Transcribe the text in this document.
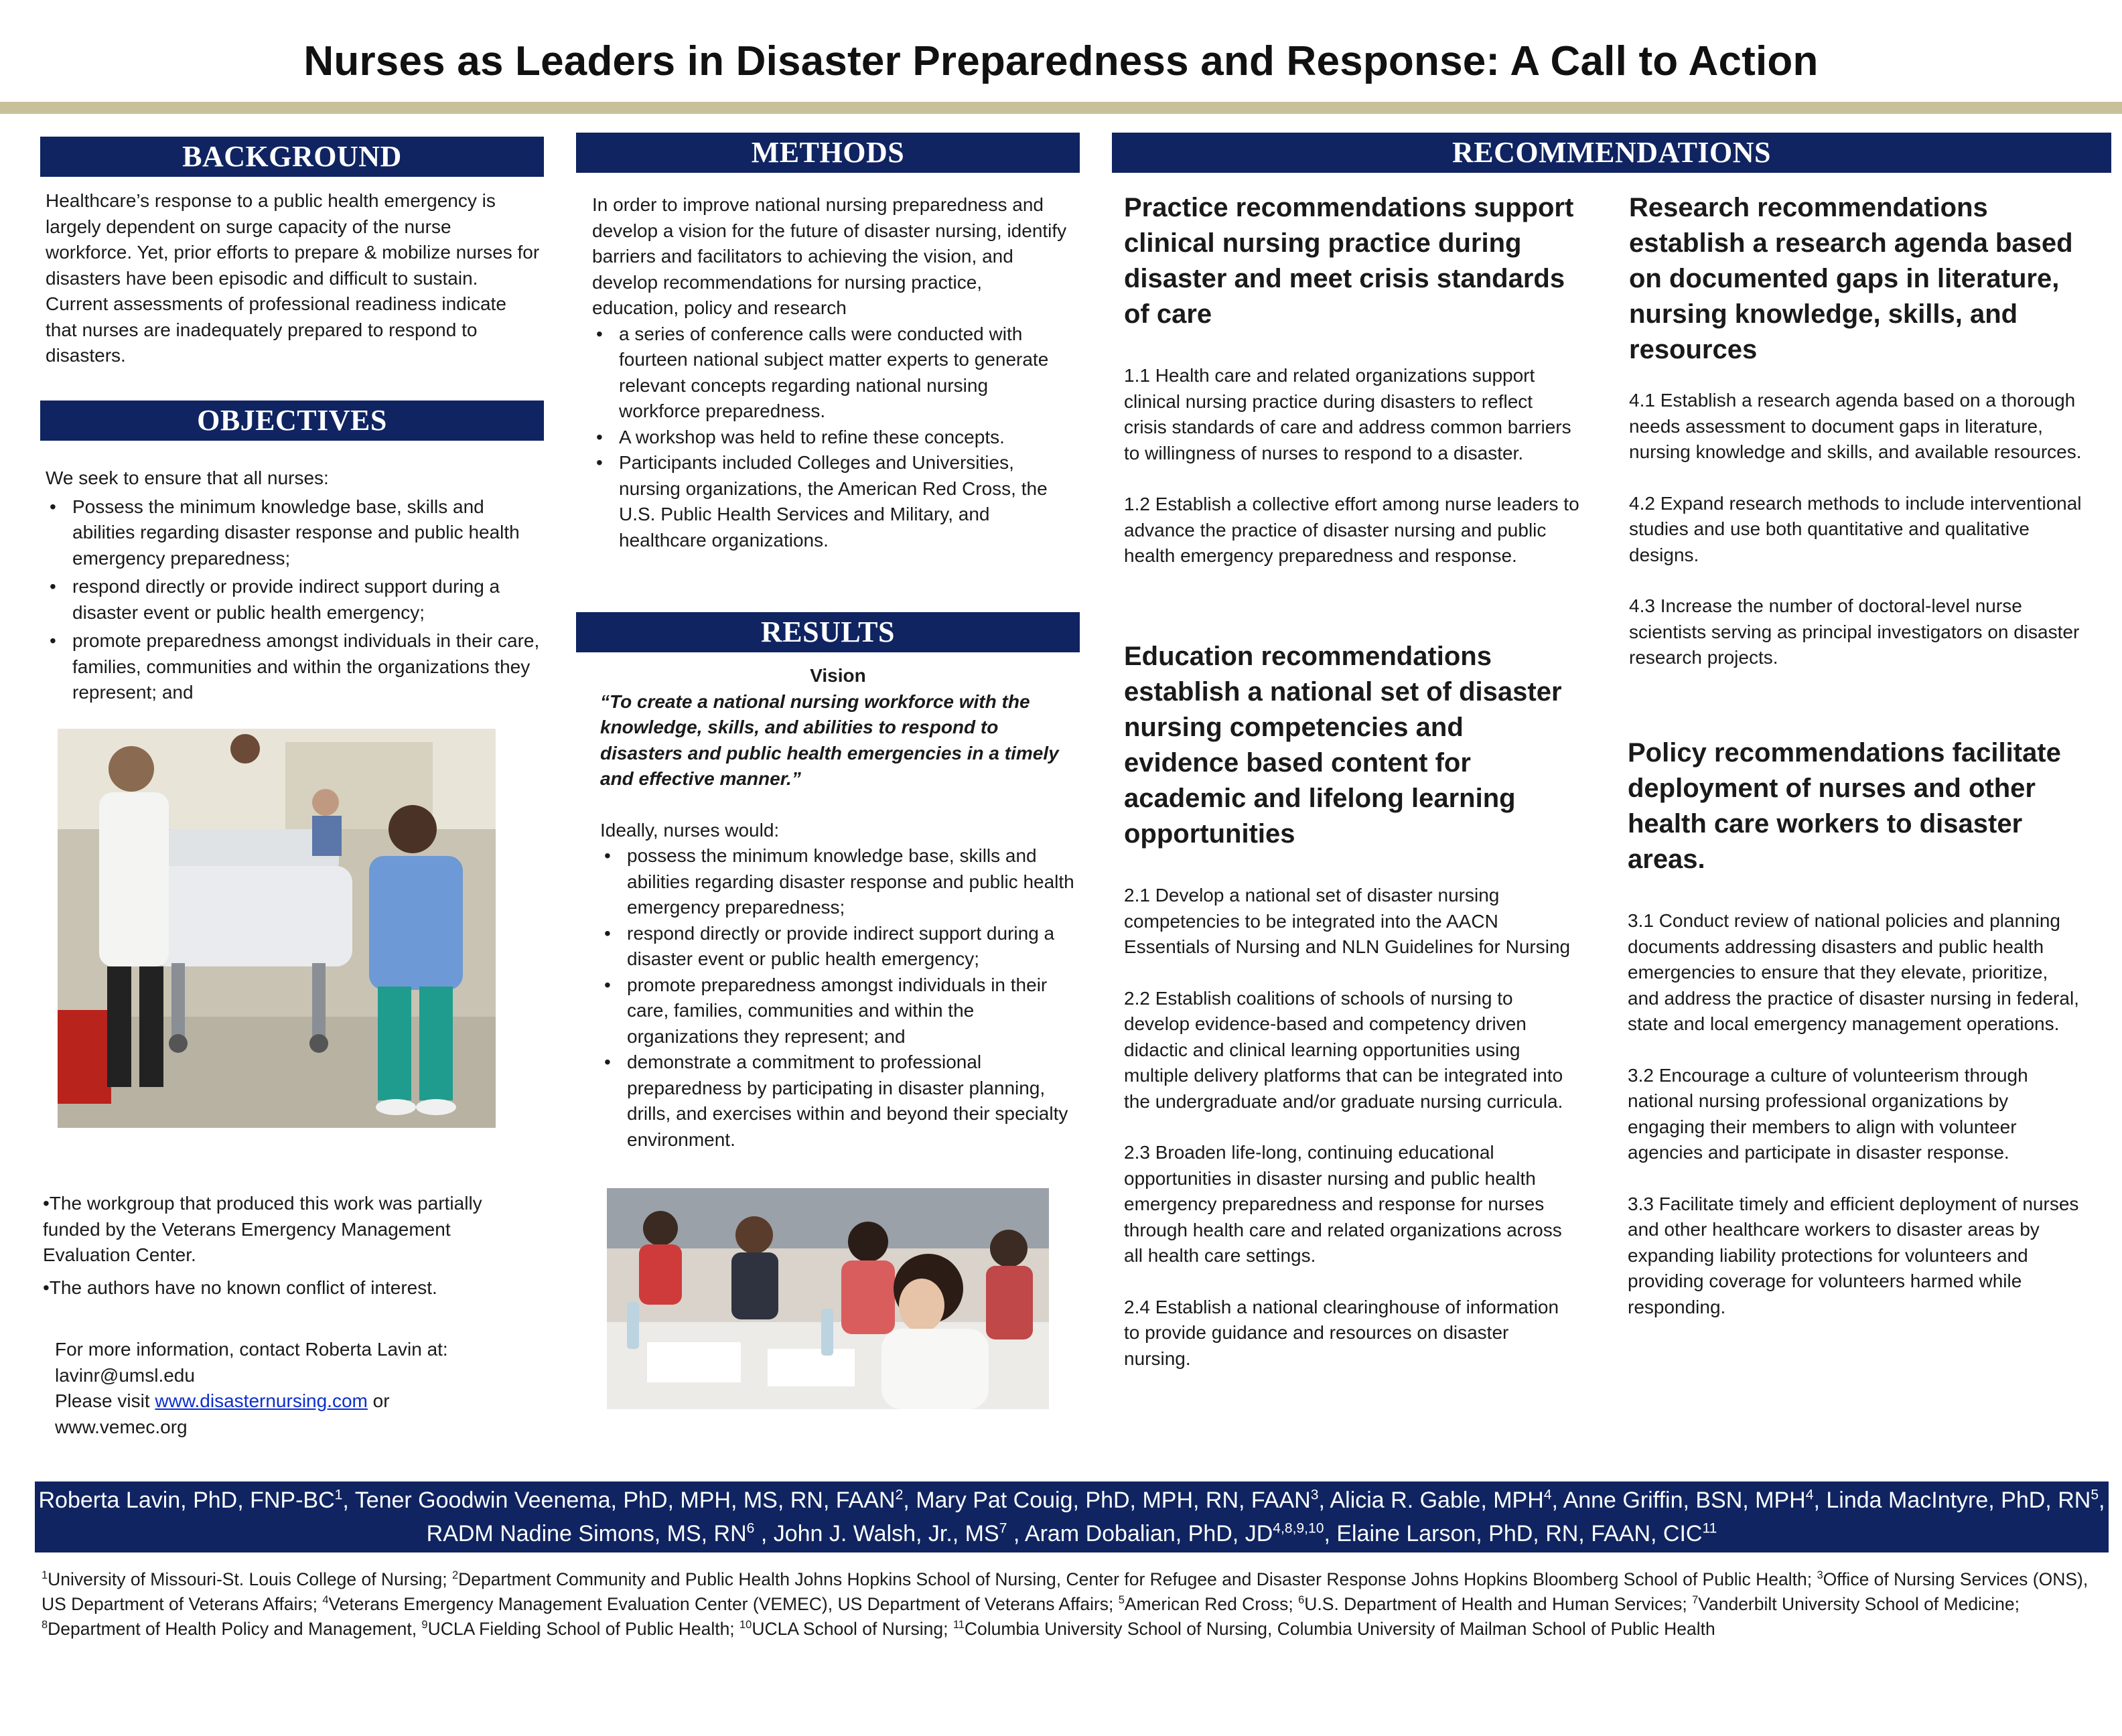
Nurses as Leaders in Disaster Preparedness and Response: A Call to Action
BACKGROUND

Healthcare’s response to a public health emergency is largely dependent on surge capacity of the nurse workforce. Yet, prior efforts to prepare & mobilize nurses for disasters have been episodic and difficult to sustain. Current assessments of professional readiness indicate that nurses are inadequately prepared to respond to disasters.

OBJECTIVES

We seek to ensure that all nurses:

• Possess the minimum knowledge base, skills and abilities regarding disaster response and public health emergency preparedness;
• respond directly or provide indirect support during a disaster event or public health emergency;
• promote preparedness amongst individuals in their care, families, communities and within the organizations they represent; and

•The workgroup that produced this work was partially funded by the Veterans Emergency Management Evaluation Center.

•The authors have no known conflict of interest.

For more information, contact Roberta Lavin at:

lavinr@umsl.edu

Please visit www.disasternursing.com or

www.vemec.org

METHODS

In order to improve national nursing preparedness and develop a vision for the future of disaster nursing, identify barriers and facilitators to achieving the vision, and develop recommendations for nursing practice, education, policy and research

• a series of conference calls were conducted with fourteen national subject matter experts to generate relevant concepts regarding national nursing workforce preparedness.
• A workshop was held to refine these concepts.
• Participants included Colleges and Universities, nursing organizations, the American Red Cross, the U.S. Public Health Services and Military, and healthcare organizations.
RESULTS

Vision

“To create a national nursing workforce with the knowledge, skills, and abilities to respond to disasters and public health emergencies in a timely and effective manner.”

Ideally, nurses would:

• possess the minimum knowledge base, skills and abilities regarding disaster response and public health emergency preparedness;
• respond directly or provide indirect support during a disaster event or public health emergency;
• promote preparedness amongst individuals in their care, families, communities and within the organizations they represent; and
• demonstrate a commitment to professional preparedness by participating in disaster planning, drills, and exercises within and beyond their specialty environment.
RECOMMENDATIONS
Practice recommendations support clinical nursing practice during disaster and meet crisis standards of care

1.1 Health care and related organizations support clinical nursing practice during disasters to reflect crisis standards of care and address common barriers to willingness of nurses to respond to a disaster.

1.2 Establish a collective effort among nurse leaders to advance the practice of disaster nursing and public health emergency preparedness and response.

Education recommendations establish a national set of disaster nursing competencies and evidence based content for academic and lifelong learning opportunities

2.1 Develop a national set of disaster nursing competencies to be integrated into the AACN Essentials of Nursing and NLN Guidelines for Nursing

2.2 Establish coalitions of schools of nursing to develop evidence-based and competency driven didactic and clinical learning opportunities using multiple delivery platforms that can be integrated into the undergraduate and/or graduate nursing curricula.

2.3 Broaden life-long, continuing educational opportunities in disaster nursing and public health emergency preparedness and response for nurses through health care and related organizations across all health care settings.

2.4 Establish a national clearinghouse of information to provide guidance and resources on disaster nursing.

Research recommendations establish a research agenda based on documented gaps in literature, nursing knowledge, skills, and resources

4.1 Establish a research agenda based on a thorough needs assessment to document gaps in literature, nursing knowledge and skills, and available resources.

4.2 Expand research methods to include interventional studies and use both quantitative and qualitative designs.

4.3 Increase the number of doctoral-level nurse scientists serving as principal investigators on disaster research projects.

Policy recommendations facilitate deployment of nurses and other health care workers to disaster areas.

3.1 Conduct review of national policies and planning documents addressing disasters and public health emergencies to ensure that they elevate, prioritize, and address the practice of disaster nursing in federal, state and local emergency management operations.

3.2 Encourage a culture of volunteerism through national nursing professional organizations by engaging their members to align with volunteer agencies and participate in disaster response.

3.3 Facilitate timely and efficient deployment of nurses and other healthcare workers to disaster areas by expanding liability protections for volunteers and providing coverage for volunteers harmed while responding.

Roberta Lavin, PhD, FNP-$BC^1$, Tener Goodwin Veenema, PhD, MPH, MS, RN, FAAN$^2$, Mary Pat Couig, PhD, MPH, RN, FAAN$^3$, Alicia R. Gable, MPH$^4$, Anne Griffin, BSN, MPH$^4$, Linda MacIntyre, PhD, $RN^5$, RADM Nadine Simons, MS, $RN^6$ , John J. Walsh, Jr., $MS^7$ , Aram Dobalian, PhD, JD$^{4,8,9,10}$, Elaine Larson, PhD, RN, FAAN, CIC$^{11}$
$^1$University of Missouri-St. Louis College of Nursing; $^2$Department Community and Public Health Johns Hopkins School of Nursing, Center for Refugee and Disaster Response Johns Hopkins Bloomberg School of Public Health; $^3$Office of Nursing Services (ONS), US Department of Veterans Affairs; $^4$Veterans Emergency Management Evaluation Center (VEMEC), US Department of Veterans Affairs; $^5$American Red Cross; $^6$U.S. Department of Health and Human Services; $^7$Vanderbilt University School of Medicine; $^8$Department of Health Policy and Management, $^9$UCLA Fielding School of Public Health; $^{10}$UCLA School of Nursing; $^{11}$Columbia University School of Nursing, Columbia University of Mailman School of Public Health
